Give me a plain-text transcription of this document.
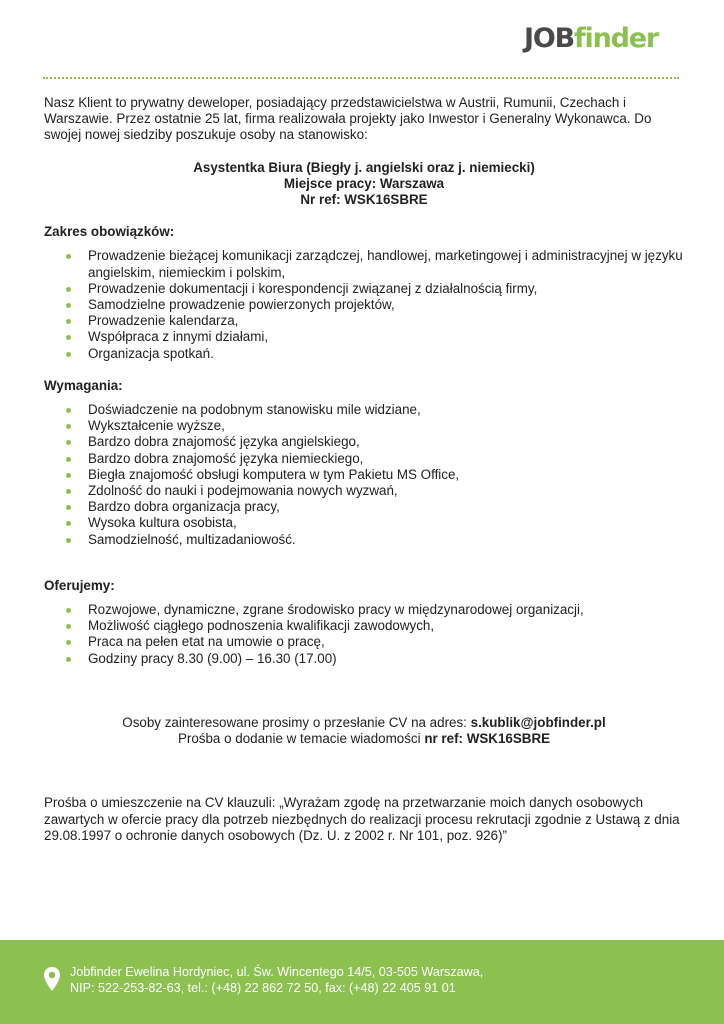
JOBfinder

Nasz Klient to prywatny deweloper, posiadający przedstawicielstwa w Austrii, Rumunii, Czechach i Warszawie. Przez ostatnie 25 lat, firma realizowała projekty jako Inwestor i Generalny Wykonawca. Do swojej nowej siedziby poszukuje osoby na stanowisko:

Asystentka Biura (Biegły j. angielski oraz j. niemiecki)

Miejsce pracy: Warszawa

Nr ref: WSK16SBRE

Zakres obowiązków:

Prowadzenie bieżącej komunikacji zarządczej, handlowej, marketingowej i administracyjnej w języku angielskim, niemieckim i polskim,
Prowadzenie dokumentacji i korespondencji związanej z działalnością firmy,
Samodzielne prowadzenie powierzonych projektów,
Prowadzenie kalendarza,
Współpraca z innymi działami,
Organizacja spotkań.

Wymagania:

Doświadczenie na podobnym stanowisku mile widziane,
Wykształcenie wyższe,
Bardzo dobra znajomość języka angielskiego,
Bardzo dobra znajomość języka niemieckiego,
Biegła znajomość obsługi komputera w tym Pakietu MS Office,
Zdolność do nauki i podejmowania nowych wyzwań,
Bardzo dobra organizacja pracy,
Wysoka kultura osobista,
Samodzielność, multizadaniowość.

Oferujemy:

Rozwojowe, dynamiczne, zgrane środowisko pracy w międzynarodowej organizacji,
Możliwość ciągłego podnoszenia kwalifikacji zawodowych,
Praca na pełen etat na umowie o pracę,
Godziny pracy 8.30 (9.00) – 16.30 (17.00)

Osoby zainteresowane prosimy o przesłanie CV na adres: s.kublik@jobfinder.pl

Prośba o dodanie w temacie wiadomości nr ref: WSK16SBRE

Prośba o umieszczenie na CV klauzuli: „Wyrażam zgodę na przetwarzanie moich danych osobowych zawartych w ofercie pracy dla potrzeb niezbędnych do realizacji procesu rekrutacji zgodnie z Ustawą z dnia 29.08.1997 o ochronie danych osobowych (Dz. U. z 2002 r. Nr 101, poz. 926)”

Jobfinder Ewelina Hordyniec, ul. Św. Wincentego 14/5, 03-505 Warszawa,
NIP: 522-253-82-63, tel.: (+48) 22 862 72 50, fax: (+48) 22 405 91 01
